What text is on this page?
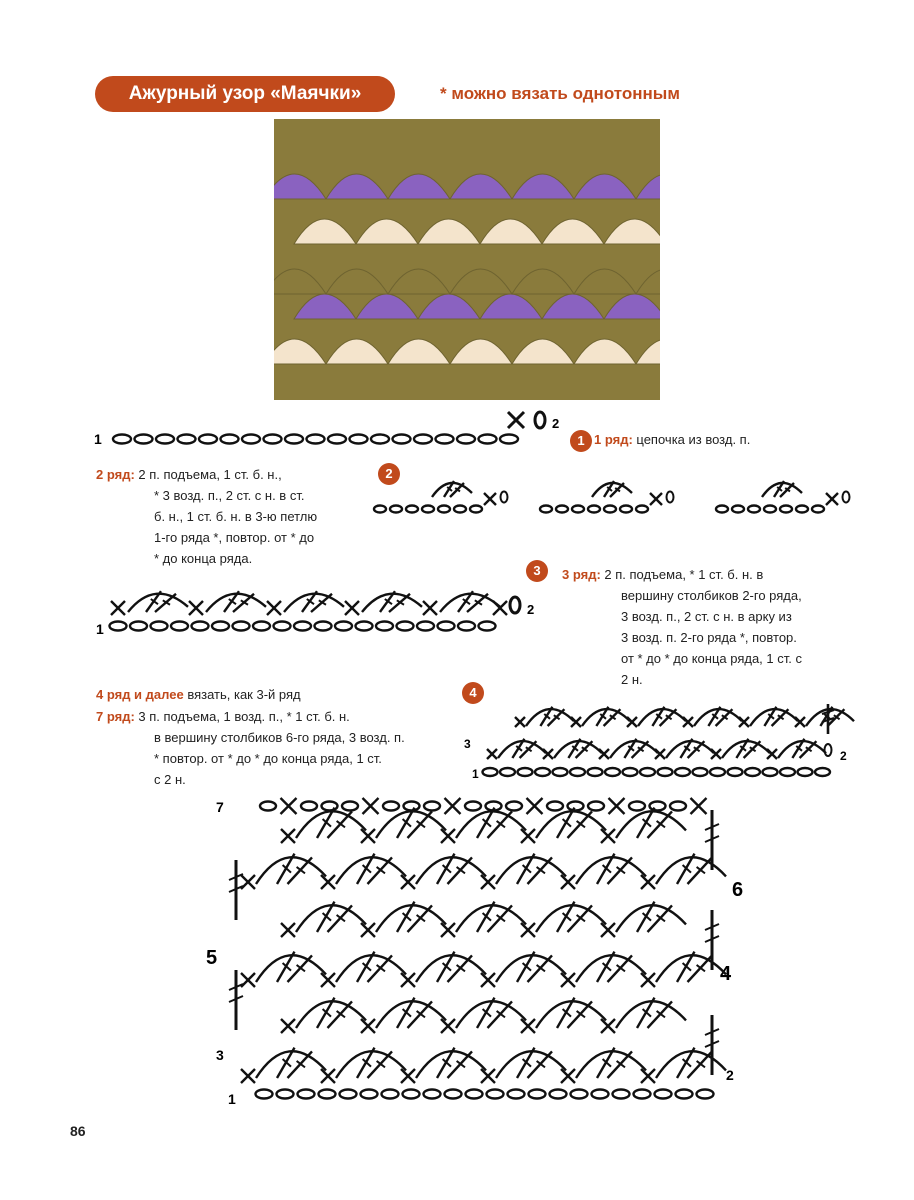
Ажурный узор «Маячки»	* можно вязать однотонным
1
2
1 1 ряд: цепочка из возд. п.
2 ряд: 2 п. подъема, 1 ст. б. н.,
* 3 возд. п., 2 ст. с н. в ст.
б. н., 1 ст. б. н. в 3-ю петлю
1-го ряда *, повтор. от * до
* до конца ряда.
2
1
2
3	3 ряд: 2 п. подъема, * 1 ст. б. н. в
вершину столбиков 2-го ряда,
3 возд. п., 2 ст. с н. в арку из
3 возд. п. 2-го ряда *, повтор.
от * до * до конца ряда, 1 ст. с
2 н.
4 ряд и далее вязать, как 3-й ряд
7 ряд: 3 п. подъема, 1 возд. п., * 1 ст. б. н.
в вершину столбиков 6-го ряда, 3 возд. п.
* повтор. от * до * до конца ряда, 1 ст.
с 2 н.
4
3
1
2
7
5
6
4
3
2
1
86
